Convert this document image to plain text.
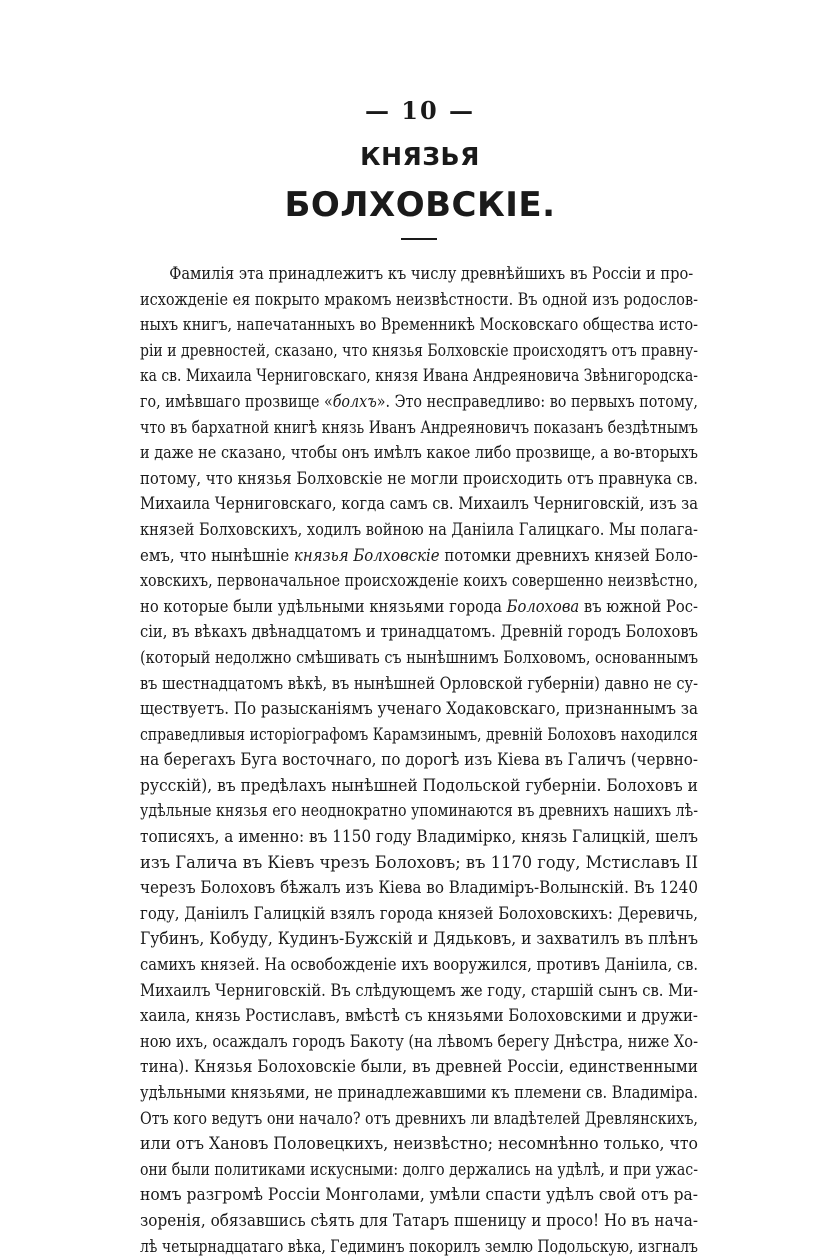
— 10 —
КНЯЗЬЯ
БОЛХОВСКІЕ.
Фамилія эта принадлежитъ къ числу древнѣйшихъ въ Россіи и про-
исхожденіе ея покрыто мракомъ неизвѣстности. Въ одной изъ родослов-
ныхъ книгъ, напечатанныхъ во Временникѣ Московскаго общества исто-
ріи и древностей, сказано, что князья Болховскіе происходятъ отъ правну-
ка св. Михаила Черниговскаго, князя Ивана Андреяновича Звѣнигородска-
го, имѣвшаго прозвище «болхъ». Это несправедливо: во первыхъ потому,
что въ бархатной книгѣ князь Иванъ Андреяновичъ показанъ бездѣтнымъ
и даже не сказано, чтобы онъ имѣлъ какое либо прозвище, а во-вторыхъ
потому, что князья Болховскіе не могли происходить отъ правнука св.
Михаила Черниговскаго, когда самъ св. Михаилъ Черниговскій, изъ за
князей Болховскихъ, ходилъ войною на Даніила Галицкаго. Мы полага-
емъ, что нынѣшніе князья Болховскіе потомки древнихъ князей Боло-
ховскихъ, первоначальное происхожденіе коихъ совершенно неизвѣстно,
но которые были удѣльными князьями города Болохова въ южной Рос-
сіи, въ вѣкахъ двѣнадцатомъ и тринадцатомъ. Древній городъ Болоховъ
(который недолжно смѣшивать съ нынѣшнимъ Болховомъ, основаннымъ
въ шестнадцатомъ вѣкѣ, въ нынѣшней Орловской губерніи) давно не су-
ществуетъ. По разысканіямъ ученаго Ходаковскаго, признаннымъ за
справедливыя исторіографомъ Карамзинымъ, древній Болоховъ находился
на берегахъ Буга восточнаго, по дорогѣ изъ Кіева въ Галичъ (червно-
русскій), въ предѣлахъ нынѣшней Подольской губерніи. Болоховъ и
удѣльные князья его неоднократно упоминаются въ древнихъ нашихъ лѣ-
тописяхъ, а именно: въ 1150 году Владимірко, князь Галицкій, шелъ
изъ Галича въ Кіевъ чрезъ Болоховъ; въ 1170 году, Мстиславъ II
черезъ Болоховъ бѣжалъ изъ Кіева во Владиміръ-Волынскій. Въ 1240
году, Даніилъ Галицкій взялъ города князей Болоховскихъ: Деревичь,
Губинъ, Кобуду, Кудинъ-Бужскій и Дядьковъ, и захватилъ въ плѣнъ
самихъ князей. На освобожденіе ихъ вооружился, противъ Даніила, св.
Михаилъ Черниговскій. Въ слѣдующемъ же году, старшій сынъ св. Ми-
хаила, князь Ростиславъ, вмѣстѣ съ князьями Болоховскими и дружи-
ною ихъ, осаждалъ городъ Бакоту (на лѣвомъ берегу Днѣстра, ниже Хо-
тина). Князья Болоховскіе были, въ древней Россіи, единственными
удѣльными князьями, не принадлежавшими къ племени св. Владиміра.
Отъ кого ведутъ они начало? отъ древнихъ ли владѣтелей Древлянскихъ,
или отъ Хановъ Половецкихъ, неизвѣстно; несомнѣнно только, что
они были политиками искусными: долго держались на удѣлѣ, и при ужас-
номъ разгромѣ Россіи Монголами, умѣли спасти удѣлъ свой отъ ра-
зоренія, обязавшись сѣять для Татаръ пшеницу и просо! Но въ нача-
лѣ четырнадцатаго вѣка, Гедиминъ покорилъ землю Подольскую, изгналъ
